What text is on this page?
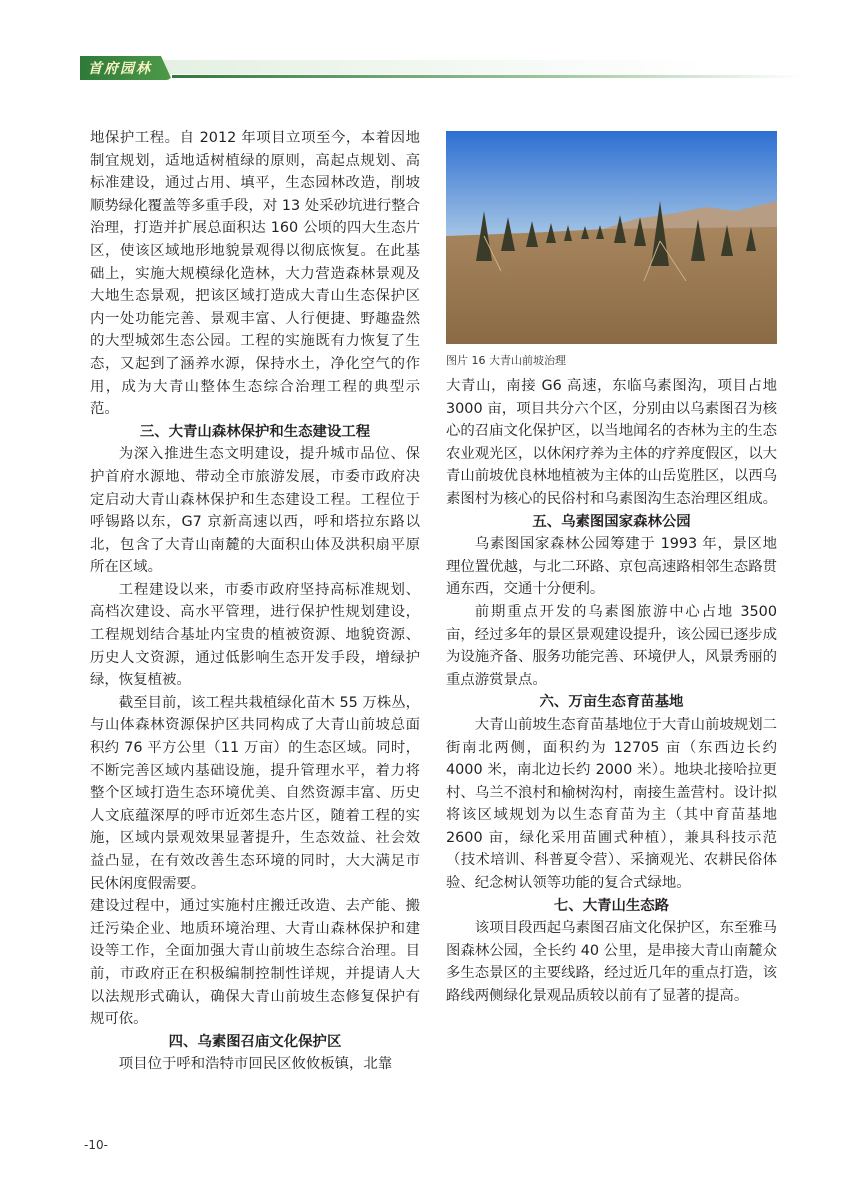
首府园林

地保护工程。自 2012 年项目立项至今，本着因地制宜规划，适地适树植绿的原则，高起点规划、高标准建设，通过占用、填平，生态园林改造，削坡顺势绿化覆盖等多重手段，对 13 处采砂坑进行整合治理，打造并扩展总面积达 160 公顷的四大生态片区，使该区域地形地貌景观得以彻底恢复。在此基础上，实施大规模绿化造林，大力营造森林景观及大地生态景观，把该区域打造成大青山生态保护区内一处功能完善、景观丰富、人行便捷、野趣盎然的大型城郊生态公园。工程的实施既有力恢复了生态，又起到了涵养水源，保持水土，净化空气的作用，成为大青山整体生态综合治理工程的典型示范。

三、大青山森林保护和生态建设工程

为深入推进生态文明建设，提升城市品位、保护首府水源地、带动全市旅游发展，市委市政府决定启动大青山森林保护和生态建设工程。工程位于呼锡路以东，G7 京新高速以西，呼和塔拉东路以北，包含了大青山南麓的大面积山体及洪积扇平原所在区域。

工程建设以来，市委市政府坚持高标准规划、高档次建设、高水平管理，进行保护性规划建设，工程规划结合基址内宝贵的植被资源、地貌资源、历史人文资源，通过低影响生态开发手段，增绿护绿，恢复植被。

截至目前，该工程共栽植绿化苗木 55 万株丛，与山体森林资源保护区共同构成了大青山前坡总面积约 76 平方公里（11 万亩）的生态区域。同时，不断完善区域内基础设施，提升管理水平，着力将整个区域打造生态环境优美、自然资源丰富、历史人文底蕴深厚的呼市近郊生态片区，随着工程的实施，区域内景观效果显著提升，生态效益、社会效益凸显，在有效改善生态环境的同时，大大满足市民休闲度假需要。

建设过程中，通过实施村庄搬迁改造、去产能、搬迁污染企业、地质环境治理、大青山森林保护和建设等工作，全面加强大青山前坡生态综合治理。目前，市政府正在积极编制控制性详规，并提请人大以法规形式确认，确保大青山前坡生态修复保护有规可依。

四、乌素图召庙文化保护区

项目位于呼和浩特市回民区攸攸板镇，北靠

图片 16 大青山前坡治理

大青山，南接 G6 高速，东临乌素图沟，项目占地 3000 亩，项目共分六个区，分别由以乌素图召为核心的召庙文化保护区，以当地闻名的杏林为主的生态农业观光区，以休闲疗养为主体的疗养度假区，以大青山前坡优良林地植被为主体的山岳览胜区，以西乌素图村为核心的民俗村和乌素图沟生态治理区组成。

五、乌素图国家森林公园

乌素图国家森林公园筹建于 1993 年，景区地理位置优越，与北二环路、京包高速路相邻生态路贯通东西，交通十分便利。

前期重点开发的乌素图旅游中心占地 3500 亩，经过多年的景区景观建设提升，该公园已逐步成为设施齐备、服务功能完善、环境伊人，风景秀丽的重点游赏景点。

六、万亩生态育苗基地

大青山前坡生态育苗基地位于大青山前坡规划二街南北两侧，面积约为 12705 亩（东西边长约 4000 米，南北边长约 2000 米）。地块北接哈拉更村、乌兰不浪村和榆树沟村，南接生盖营村。设计拟将该区域规划为以生态育苗为主（其中育苗基地 2600 亩，绿化采用苗圃式种植），兼具科技示范（技术培训、科普夏令营）、采摘观光、农耕民俗体验、纪念树认领等功能的复合式绿地。

七、大青山生态路

该项目段西起乌素图召庙文化保护区，东至雅马图森林公园，全长约 40 公里，是串接大青山南麓众多生态景区的主要线路，经过近几年的重点打造，该路线两侧绿化景观品质较以前有了显著的提高。

-10-
